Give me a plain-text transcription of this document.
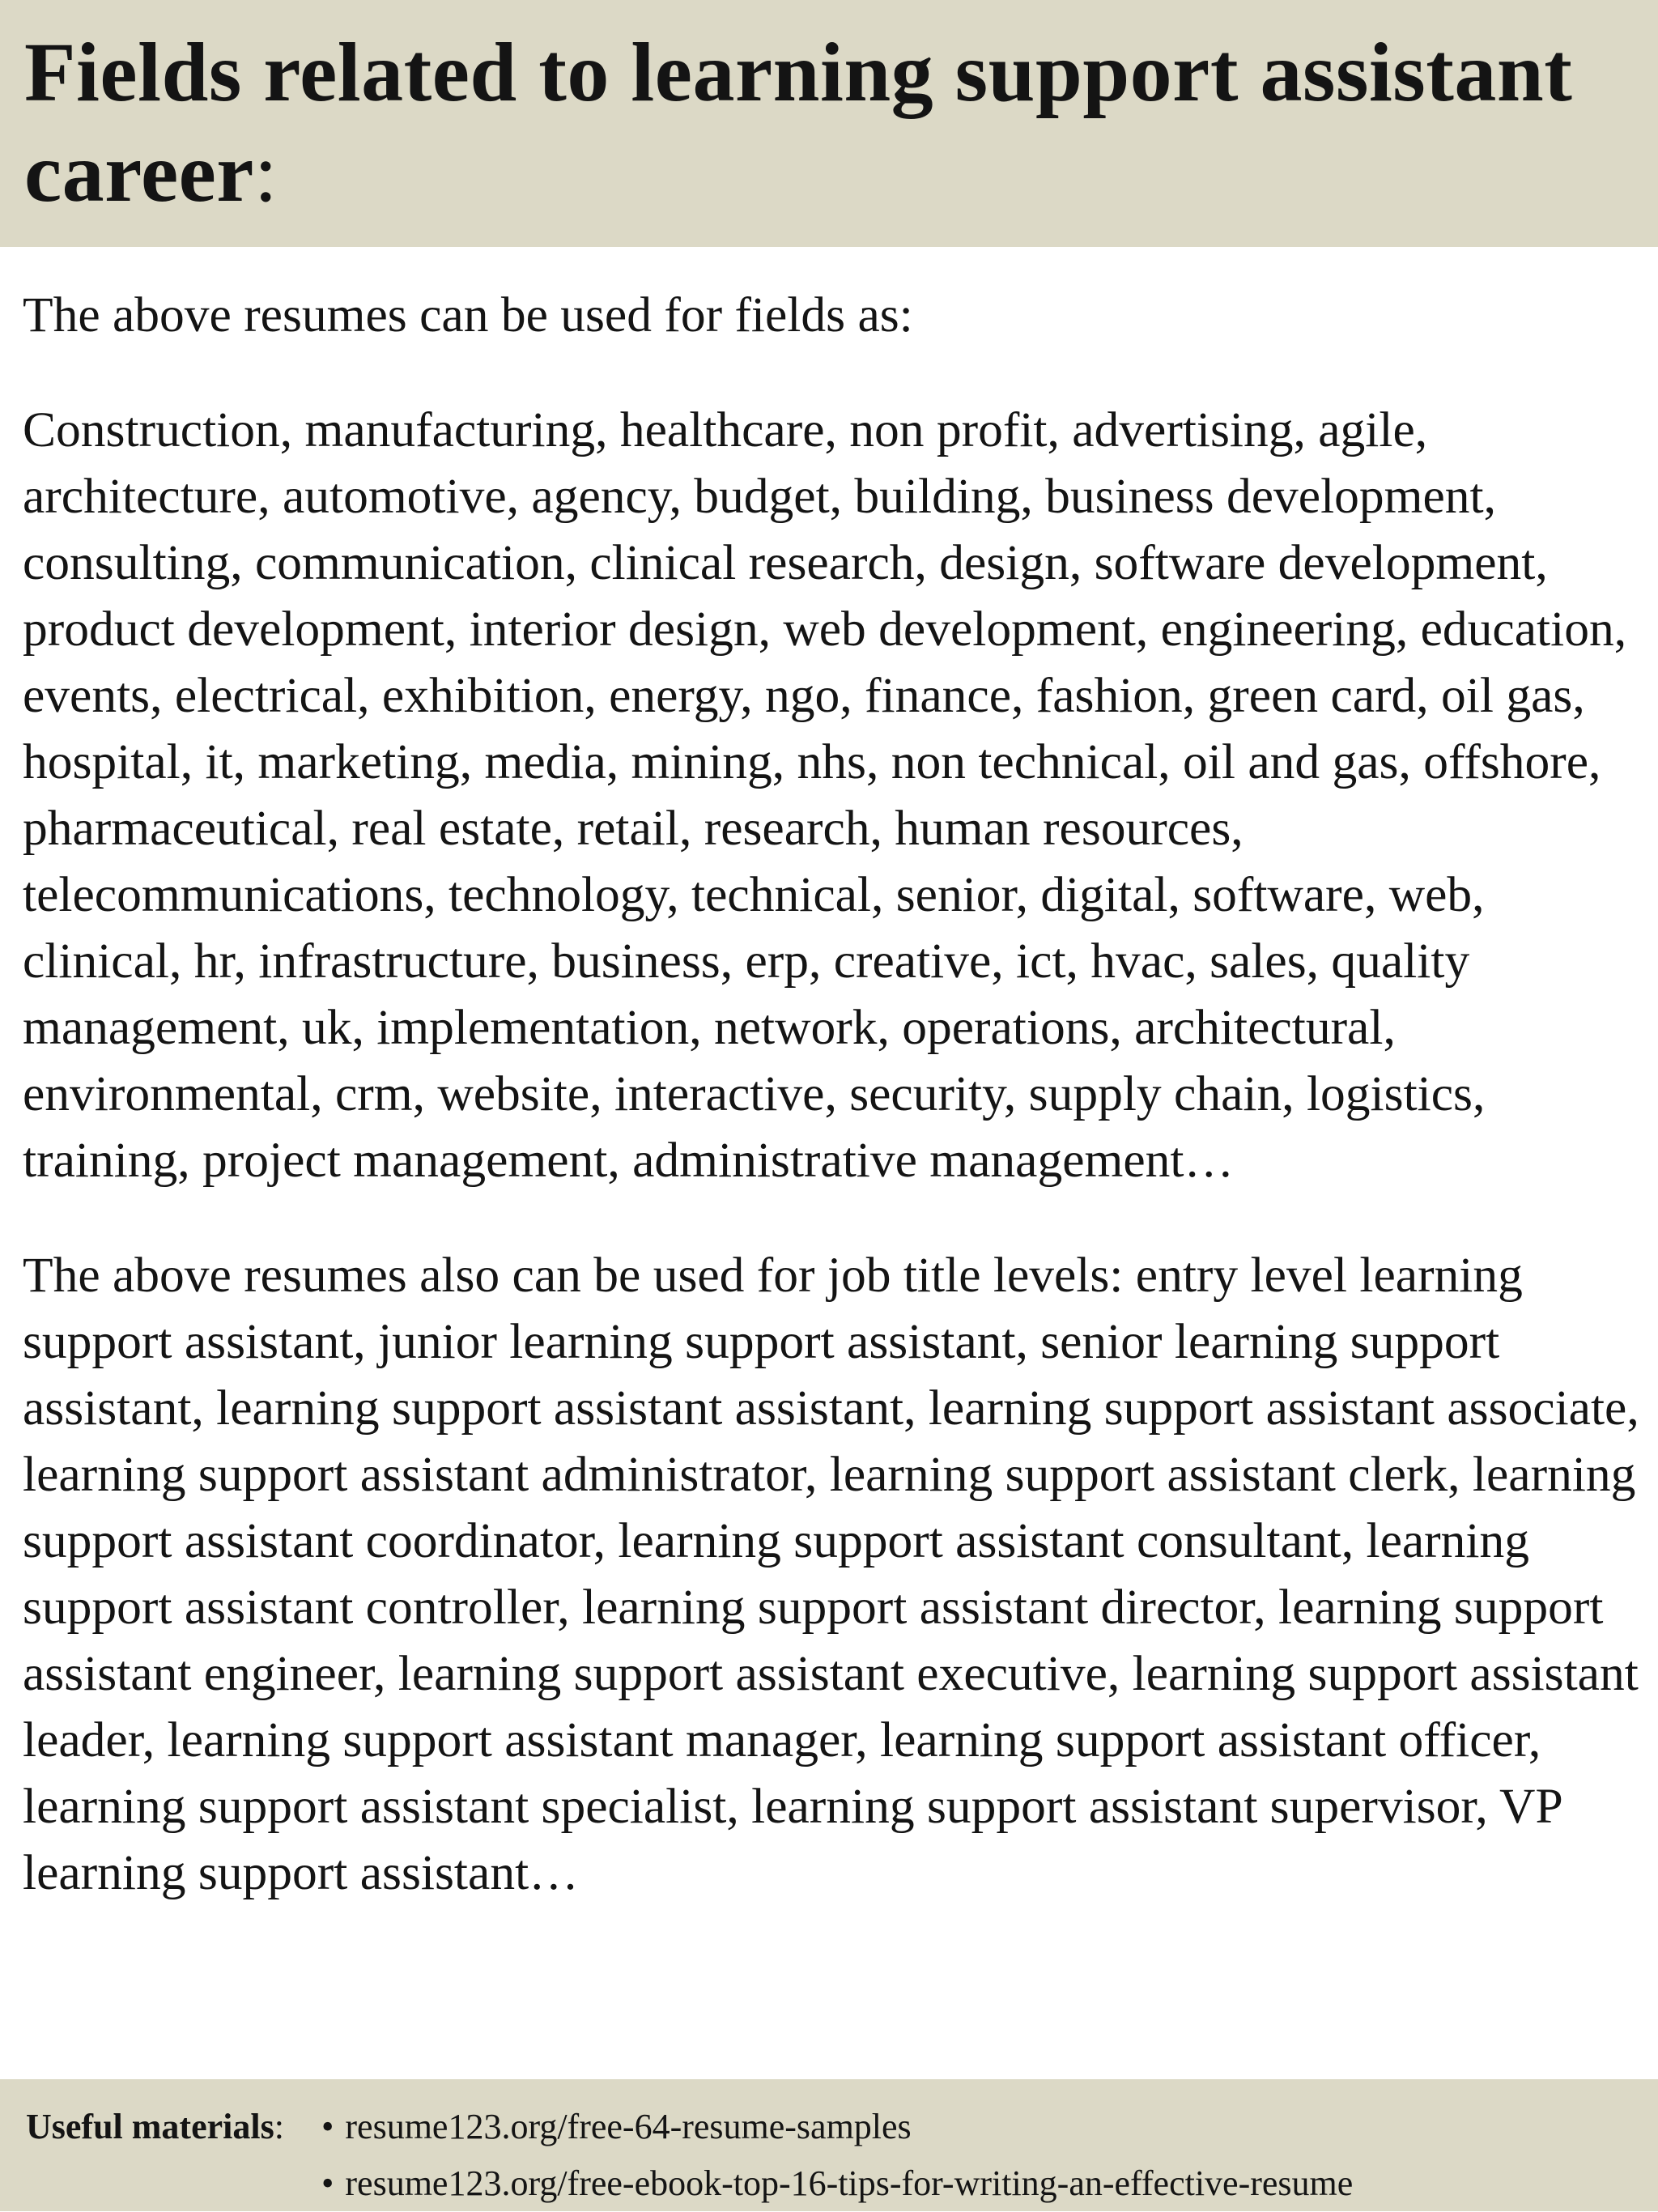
Fields related to learning support assistant career:

The above resumes can be used for fields as:

Construction, manufacturing, healthcare, non profit, advertising, agile, architecture, automotive, agency, budget, building, business development, consulting, communication, clinical research, design, software development, product development, interior design, web development, engineering, education, events, electrical, exhibition, energy, ngo, finance, fashion, green card, oil gas, hospital, it, marketing, media, mining, nhs, non technical, oil and gas, offshore, pharmaceutical, real estate, retail, research, human resources, telecommunications, technology, technical, senior, digital, software, web, clinical, hr, infrastructure, business, erp, creative, ict, hvac, sales, quality management, uk, implementation, network, operations, architectural, environmental, crm, website, interactive, security, supply chain, logistics, training, project management, administrative management…

The above resumes also can be used for job title levels: entry level learning support assistant, junior learning support assistant, senior learning support assistant, learning support assistant assistant, learning support assistant associate, learning support assistant administrator, learning support assistant clerk, learning support assistant coordinator, learning support assistant consultant, learning support assistant controller, learning support assistant director, learning support assistant engineer, learning support assistant executive, learning support assistant leader, learning support assistant manager, learning support assistant officer, learning support assistant specialist, learning support assistant supervisor, VP learning support assistant…

Useful materials:	• resume123.org/free-64-resume-samples
• resume123.org/free-ebook-top-16-tips-for-writing-an-effective-resume
